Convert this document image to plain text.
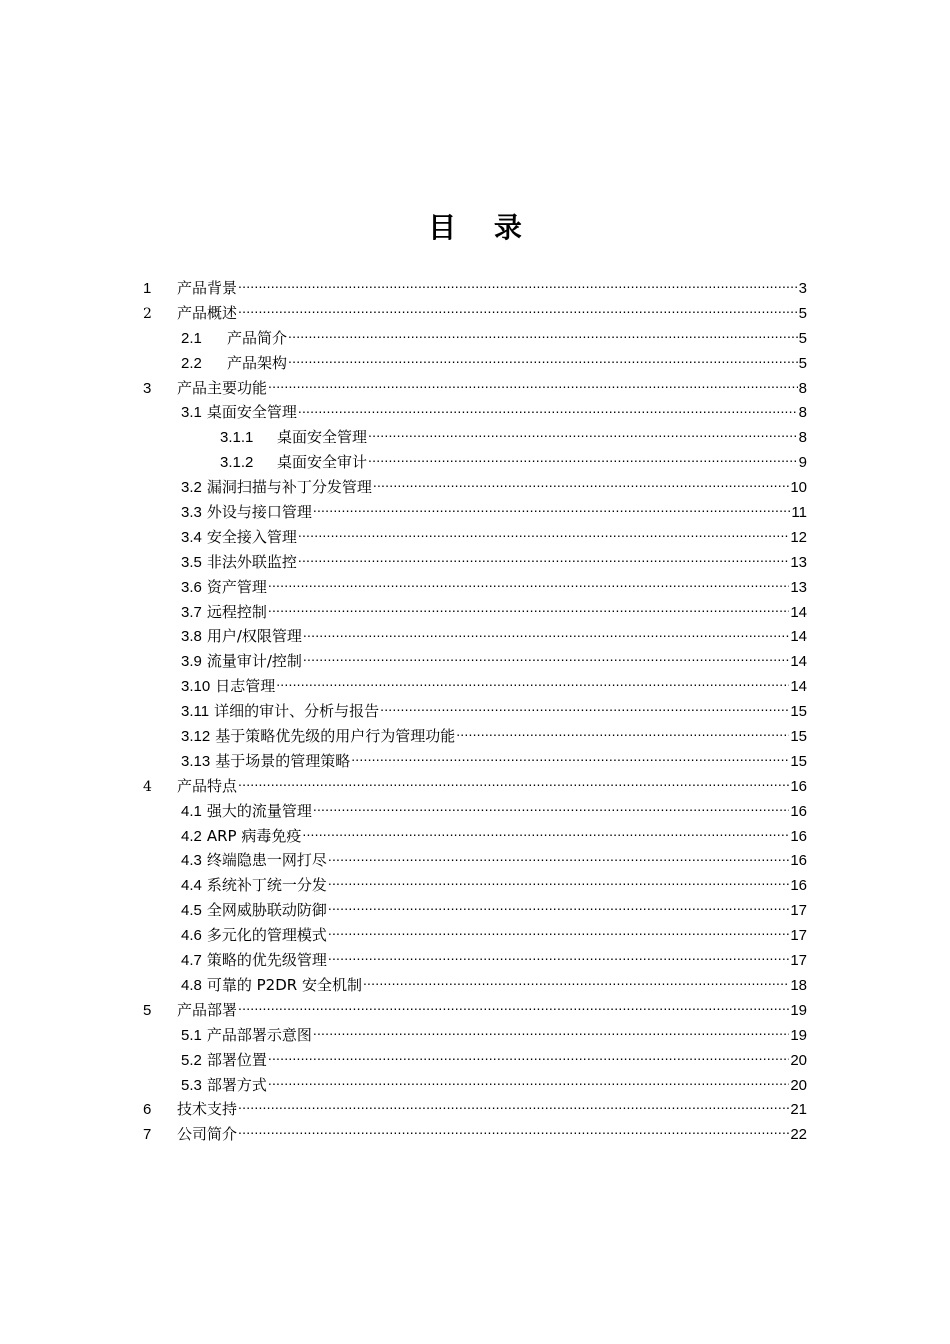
目 录
1	产品背景 .....	3
2	产品概述 .....	5
2.1	产品简介 .....	5
2.2	产品架构 .....	5
3	产品主要功能 .....	8
3.1 桌面安全管理 .....	8
3.1.1	桌面安全管理 .....	8
3.1.2	桌面安全审计 .....	9
3.2 漏洞扫描与补丁分发管理 .....	10
3.3 外设与接口管理 .....	11
3.4 安全接入管理 .....	12
3.5 非法外联监控 .....	13
3.6 资产管理 .....	13
3.7 远程控制 .....	14
3.8 用户/权限管理 .....	14
3.9 流量审计/控制 .....	14
3.10 日志管理 .....	14
3.11 详细的审计、分析与报告 .....	15
3.12 基于策略优先级的用户行为管理功能 .....	15
3.13 基于场景的管理策略 .....	15
4	产品特点 .....	16
4.1 强大的流量管理 .....	16
4.2 ARP 病毒免疫 .....	16
4.3 终端隐患一网打尽 .....	16
4.4 系统补丁统一分发 .....	16
4.5 全网威胁联动防御 .....	17
4.6 多元化的管理模式 .....	17
4.7 策略的优先级管理 .....	17
4.8 可靠的 P2DR 安全机制 .....	18
5	产品部署 .....	19
5.1 产品部署示意图 .....	19
5.2 部署位置 .....	20
5.3 部署方式 .....	20
6	技术支持 .....	21
7	公司简介 .....	22
